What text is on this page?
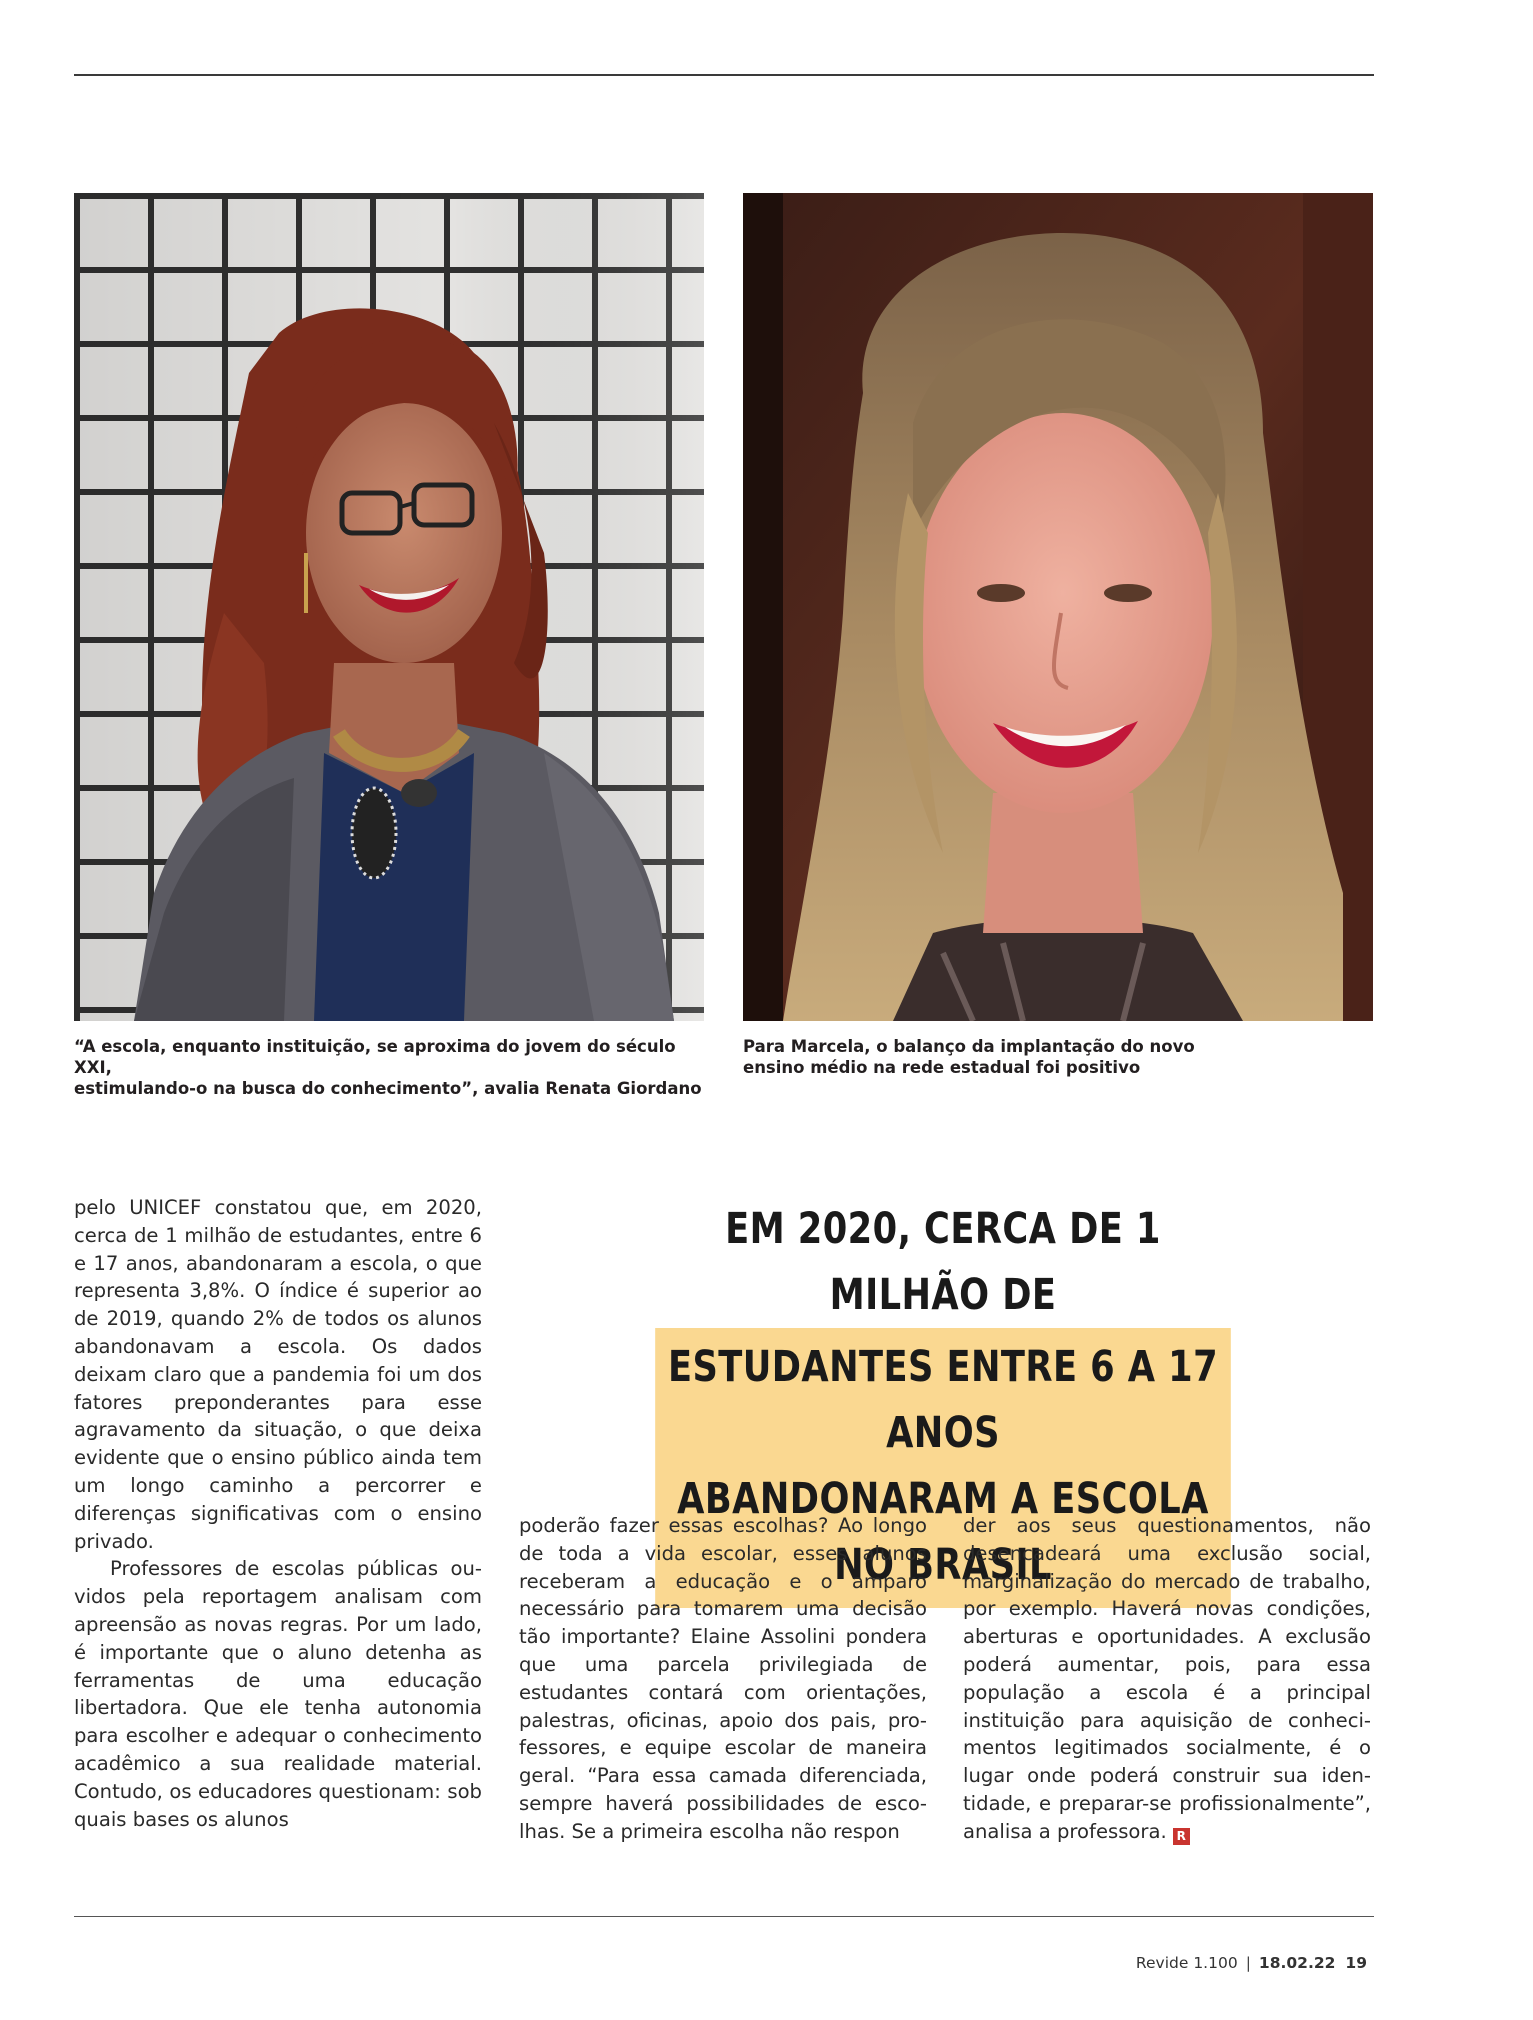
“A escola, enquanto instituição, se aproxima do jovem do século XXI,
estimulando-o na busca do conhecimento”, avalia Renata Giordano
Para Marcela, o balanço da implantação do novo
ensino médio na rede estadual foi positivo

pelo UNICEF constatou que, em 2020, cerca de 1 milhão de estudantes, entre 6 e 17 anos, abandonaram a escola, o que representa 3,8%. O índice é superior ao de 2019, quando 2% de todos os alunos abandonavam a escola. Os dados deixam claro que a pandemia foi um dos fatores preponderantes para esse agravamento da situação, o que deixa evidente que o ensino público ainda tem um longo caminho a percorrer e diferenças significativas com o ensino privado.

Professores de escolas públicas ouvidos pela reportagem analisam com apreensão as novas regras. Por um lado, é importante que o aluno detenha as ferramentas de uma educação libertadora. Que ele tenha autonomia para escolher e adequar o conhecimento acadêmico a sua realidade material. Contudo, os educadores questionam: sob quais bases os alunos

EM 2020, CERCA DE 1 MILHÃO DE
ESTUDANTES ENTRE 6 A 17 ANOS
ABANDONARAM A ESCOLA NO BRASIL

poderão fazer essas escolhas? Ao longo de toda a vida escolar, esses alunos receberam a educação e o amparo necessário para tomarem uma decisão tão importante? Elaine Assolini pondera que uma parcela privilegiada de estudantes contará com orientações, palestras, oficinas, apoio dos pais, professores, e equipe escolar de maneira geral. “Para essa camada diferenciada, sempre haverá possibilidades de escolhas. Se a primeira escolha não respon

der aos seus questionamentos, não desencadeará uma exclusão social, marginalização do mercado de trabalho, por exemplo. Haverá novas condições, aberturas e oportunidades. A exclusão poderá aumentar, pois, para essa população a escola é a principal instituição para aquisição de conhecimentos legitimados socialmente, é o lugar onde poderá construir sua identidade, e preparar-se profissionalmente”, analisa a professora. R

Revide 1.100 | 18.02.22 19
